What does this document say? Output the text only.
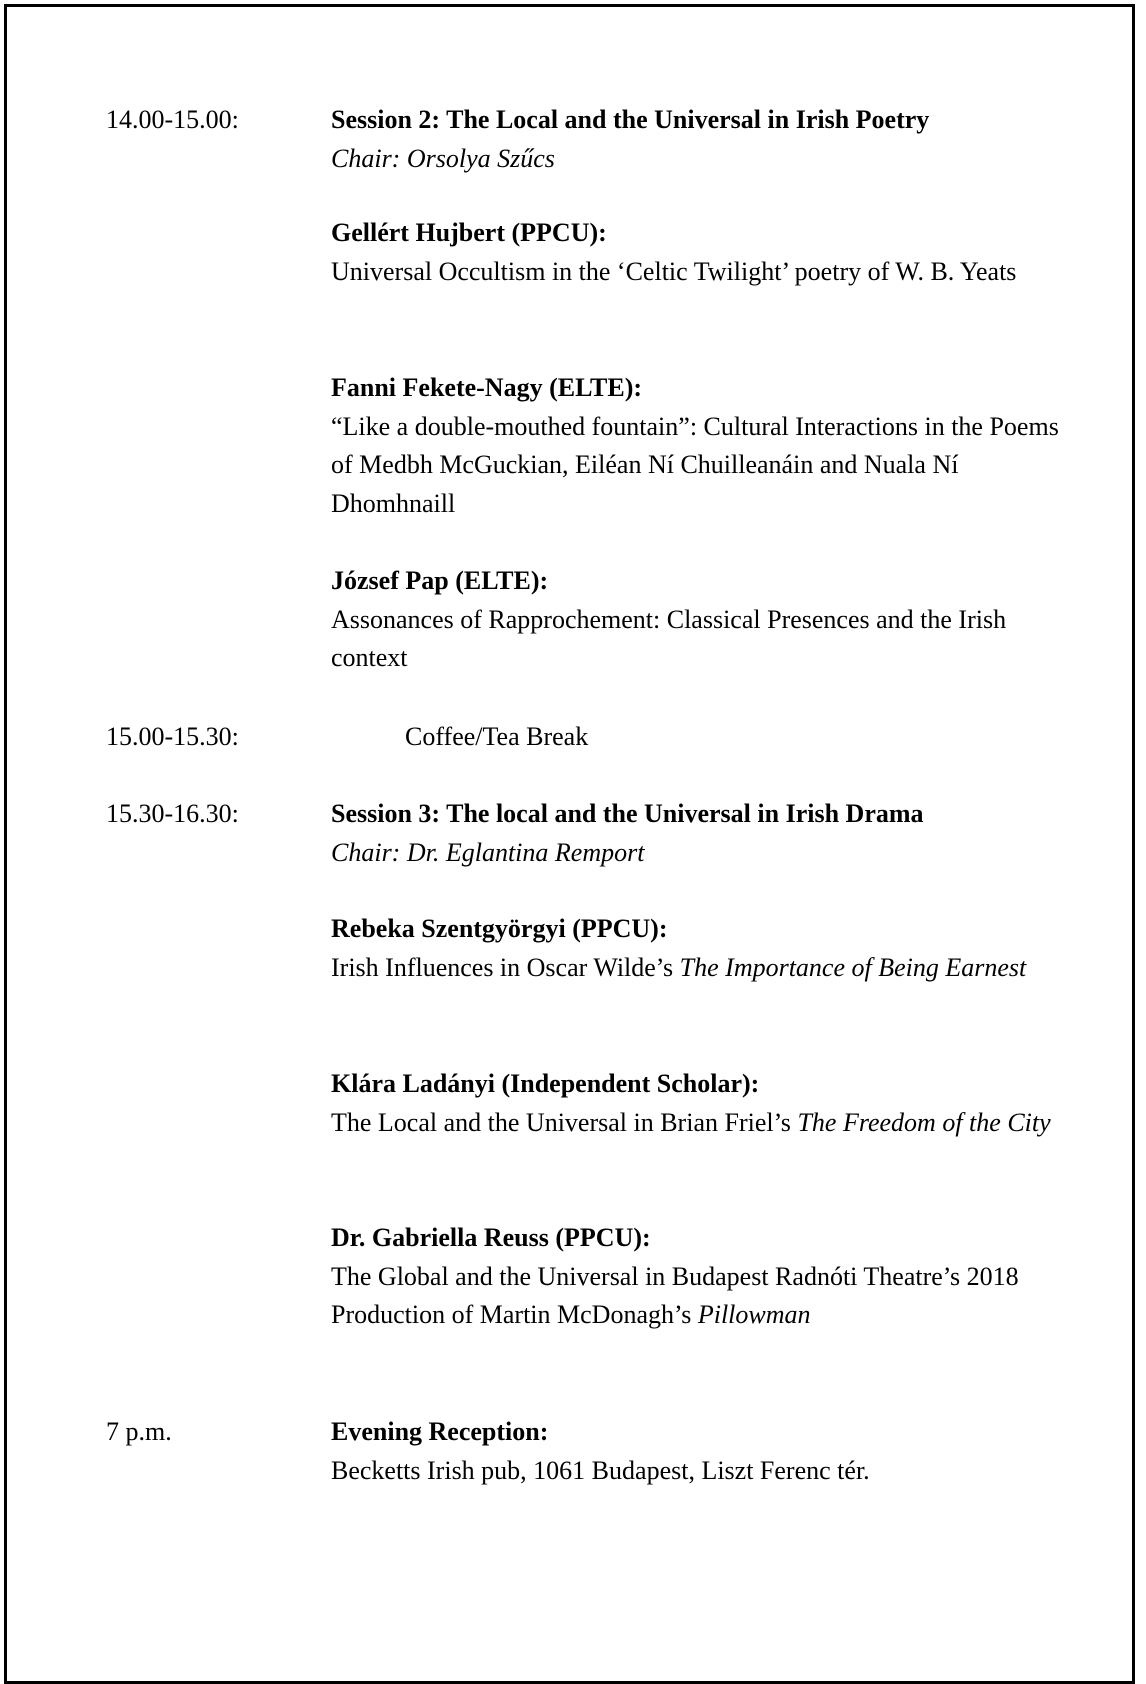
14.00-15.00:	Session 2: The Local and the Universal in Irish Poetry
Chair: Orsolya Szűcs
Gellért Hujbert (PPCU):
Universal Occultism in the ‘Celtic Twilight’ poetry of W. B. Yeats
Fanni Fekete-Nagy (ELTE):
“Like a double-mouthed fountain”: Cultural Interactions in the Poems of Medbh McGuckian, Eiléan Ní Chuilleanáin and Nuala Ní Dhomhnaill
József Pap (ELTE):
Assonances of Rapprochement: Classical Presences and the Irish context
15.00-15.30:	Coffee/Tea Break
15.30-16.30:	Session 3: The local and the Universal in Irish Drama
Chair: Dr. Eglantina Remport
Rebeka Szentgyörgyi (PPCU):
Irish Influences in Oscar Wilde’s The Importance of Being Earnest
Klára Ladányi (Independent Scholar):
The Local and the Universal in Brian Friel’s The Freedom of the City
Dr. Gabriella Reuss (PPCU):
The Global and the Universal in Budapest Radnóti Theatre’s 2018 Production of Martin McDonagh’s Pillowman
7 p.m.	Evening Reception:
Becketts Irish pub, 1061 Budapest, Liszt Ferenc tér.
